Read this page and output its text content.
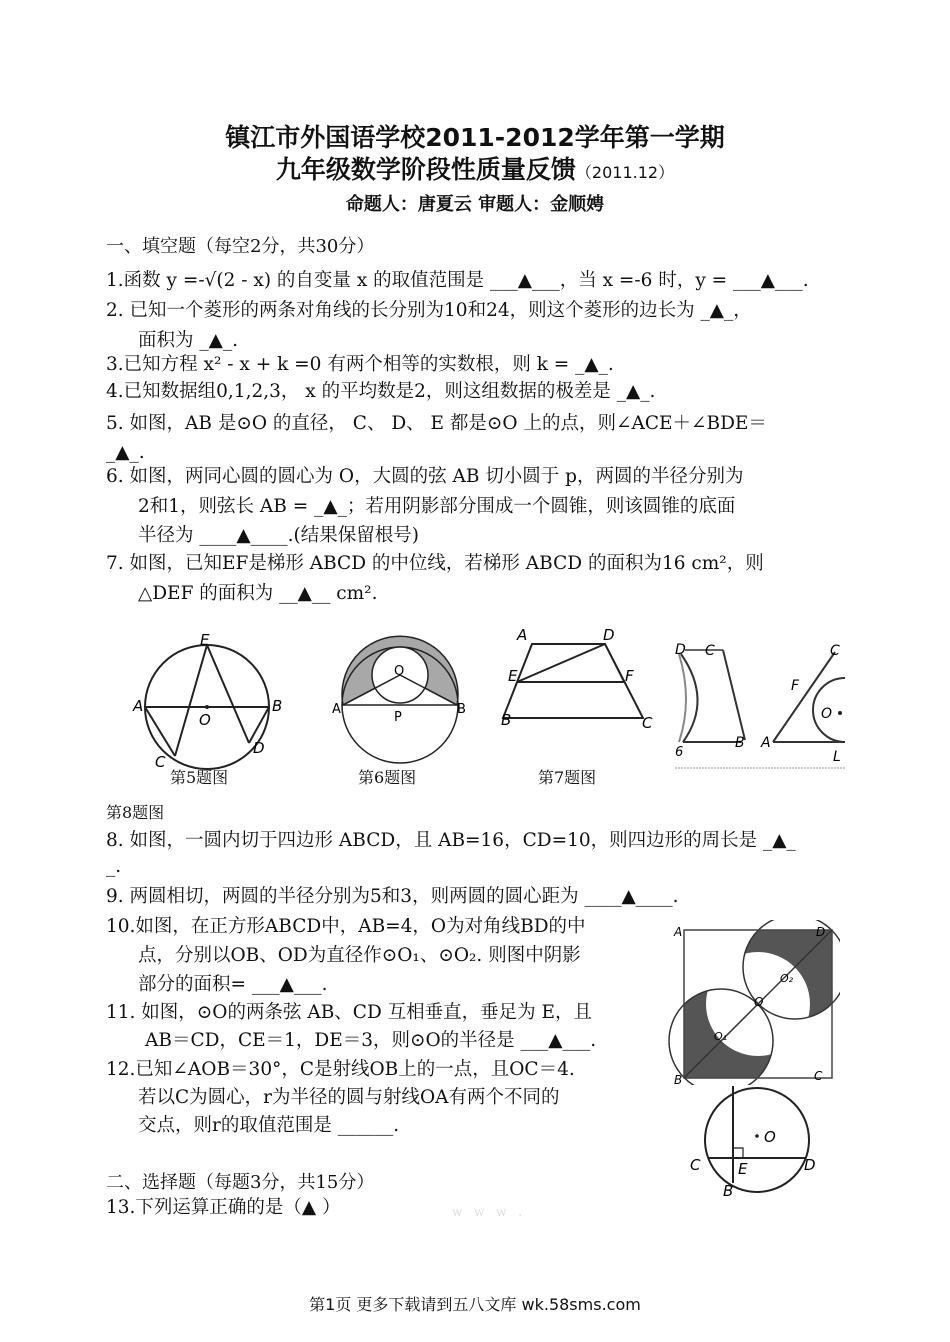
镇江市外国语学校2011-2012学年第一学期
九年级数学阶段性质量反馈（2011.12）
命题人：唐夏云 审题人：金顺娉
一、填空题（每空2分，共30分）
1.函数 y =-√(2 - x) 的自变量 x 的取值范围是 ___▲___，当 x =-6 时，y = ___▲___.
2. 已知一个菱形的两条对角线的长分别为10和24，则这个菱形的边长为 _▲_，
面积为 _▲_.
3.已知方程 x² - x + k =0 有两个相等的实数根，则 k = _▲_.
4.已知数据组0,1,2,3， x 的平均数是2，则这组数据的极差是 _▲_.
5. 如图，AB 是⊙O 的直径， C、 D、 E 都是⊙O 上的点，则∠ACE＋∠BDE＝
_▲_.
6. 如图，两同心圆的圆心为 O，大圆的弦 AB 切小圆于 p，两圆的半径分别为
2和1，则弦长 AB = _▲_；若用阴影部分围成一个圆锥，则该圆锥的底面
半径为 ____▲____.(结果保留根号)
7. 如图，已知EF是梯形 ABCD 的中位线，若梯形 ABCD 的面积为16 cm²，则
△DEF 的面积为 __▲__ cm².
E
A	B
O
C
D
第5题图
O
A	B
P
第6题图
A	D
E	F
B	C
第7题图
D C	C
F
O
B A
6	L
第8题图
8. 如图，一圆内切于四边形 ABCD，且 AB=16，CD=10，则四边形的周长是 _▲_
_.
9. 两圆相切，两圆的半径分别为5和3，则两圆的圆心距为 ____▲____.
10.如图，在正方形ABCD中，AB=4，O为对角线BD的中
点，分别以OB、OD为直径作⊙O₁、⊙O₂. 则图中阴影
部分的面积= ___▲___.
11. 如图，⊙O的两条弦 AB、CD 互相垂直，垂足为 E，且
AB＝CD，CE＝1，DE＝3，则⊙O的半径是 ___▲___.
12.已知∠AOB＝30°，C是射线OB上的一点，且OC＝4.
若以C为圆心，r为半径的圆与射线OA有两个不同的
交点，则r的取值范围是 ______.
A	D
O
O₂
O₁
B	C
O
C	D
E
B
二、选择题（每题3分，共15分）
13.下列运算正确的是（▲ ）	w w w .
第1页 更多下载请到五八文库 wk.58sms.com
